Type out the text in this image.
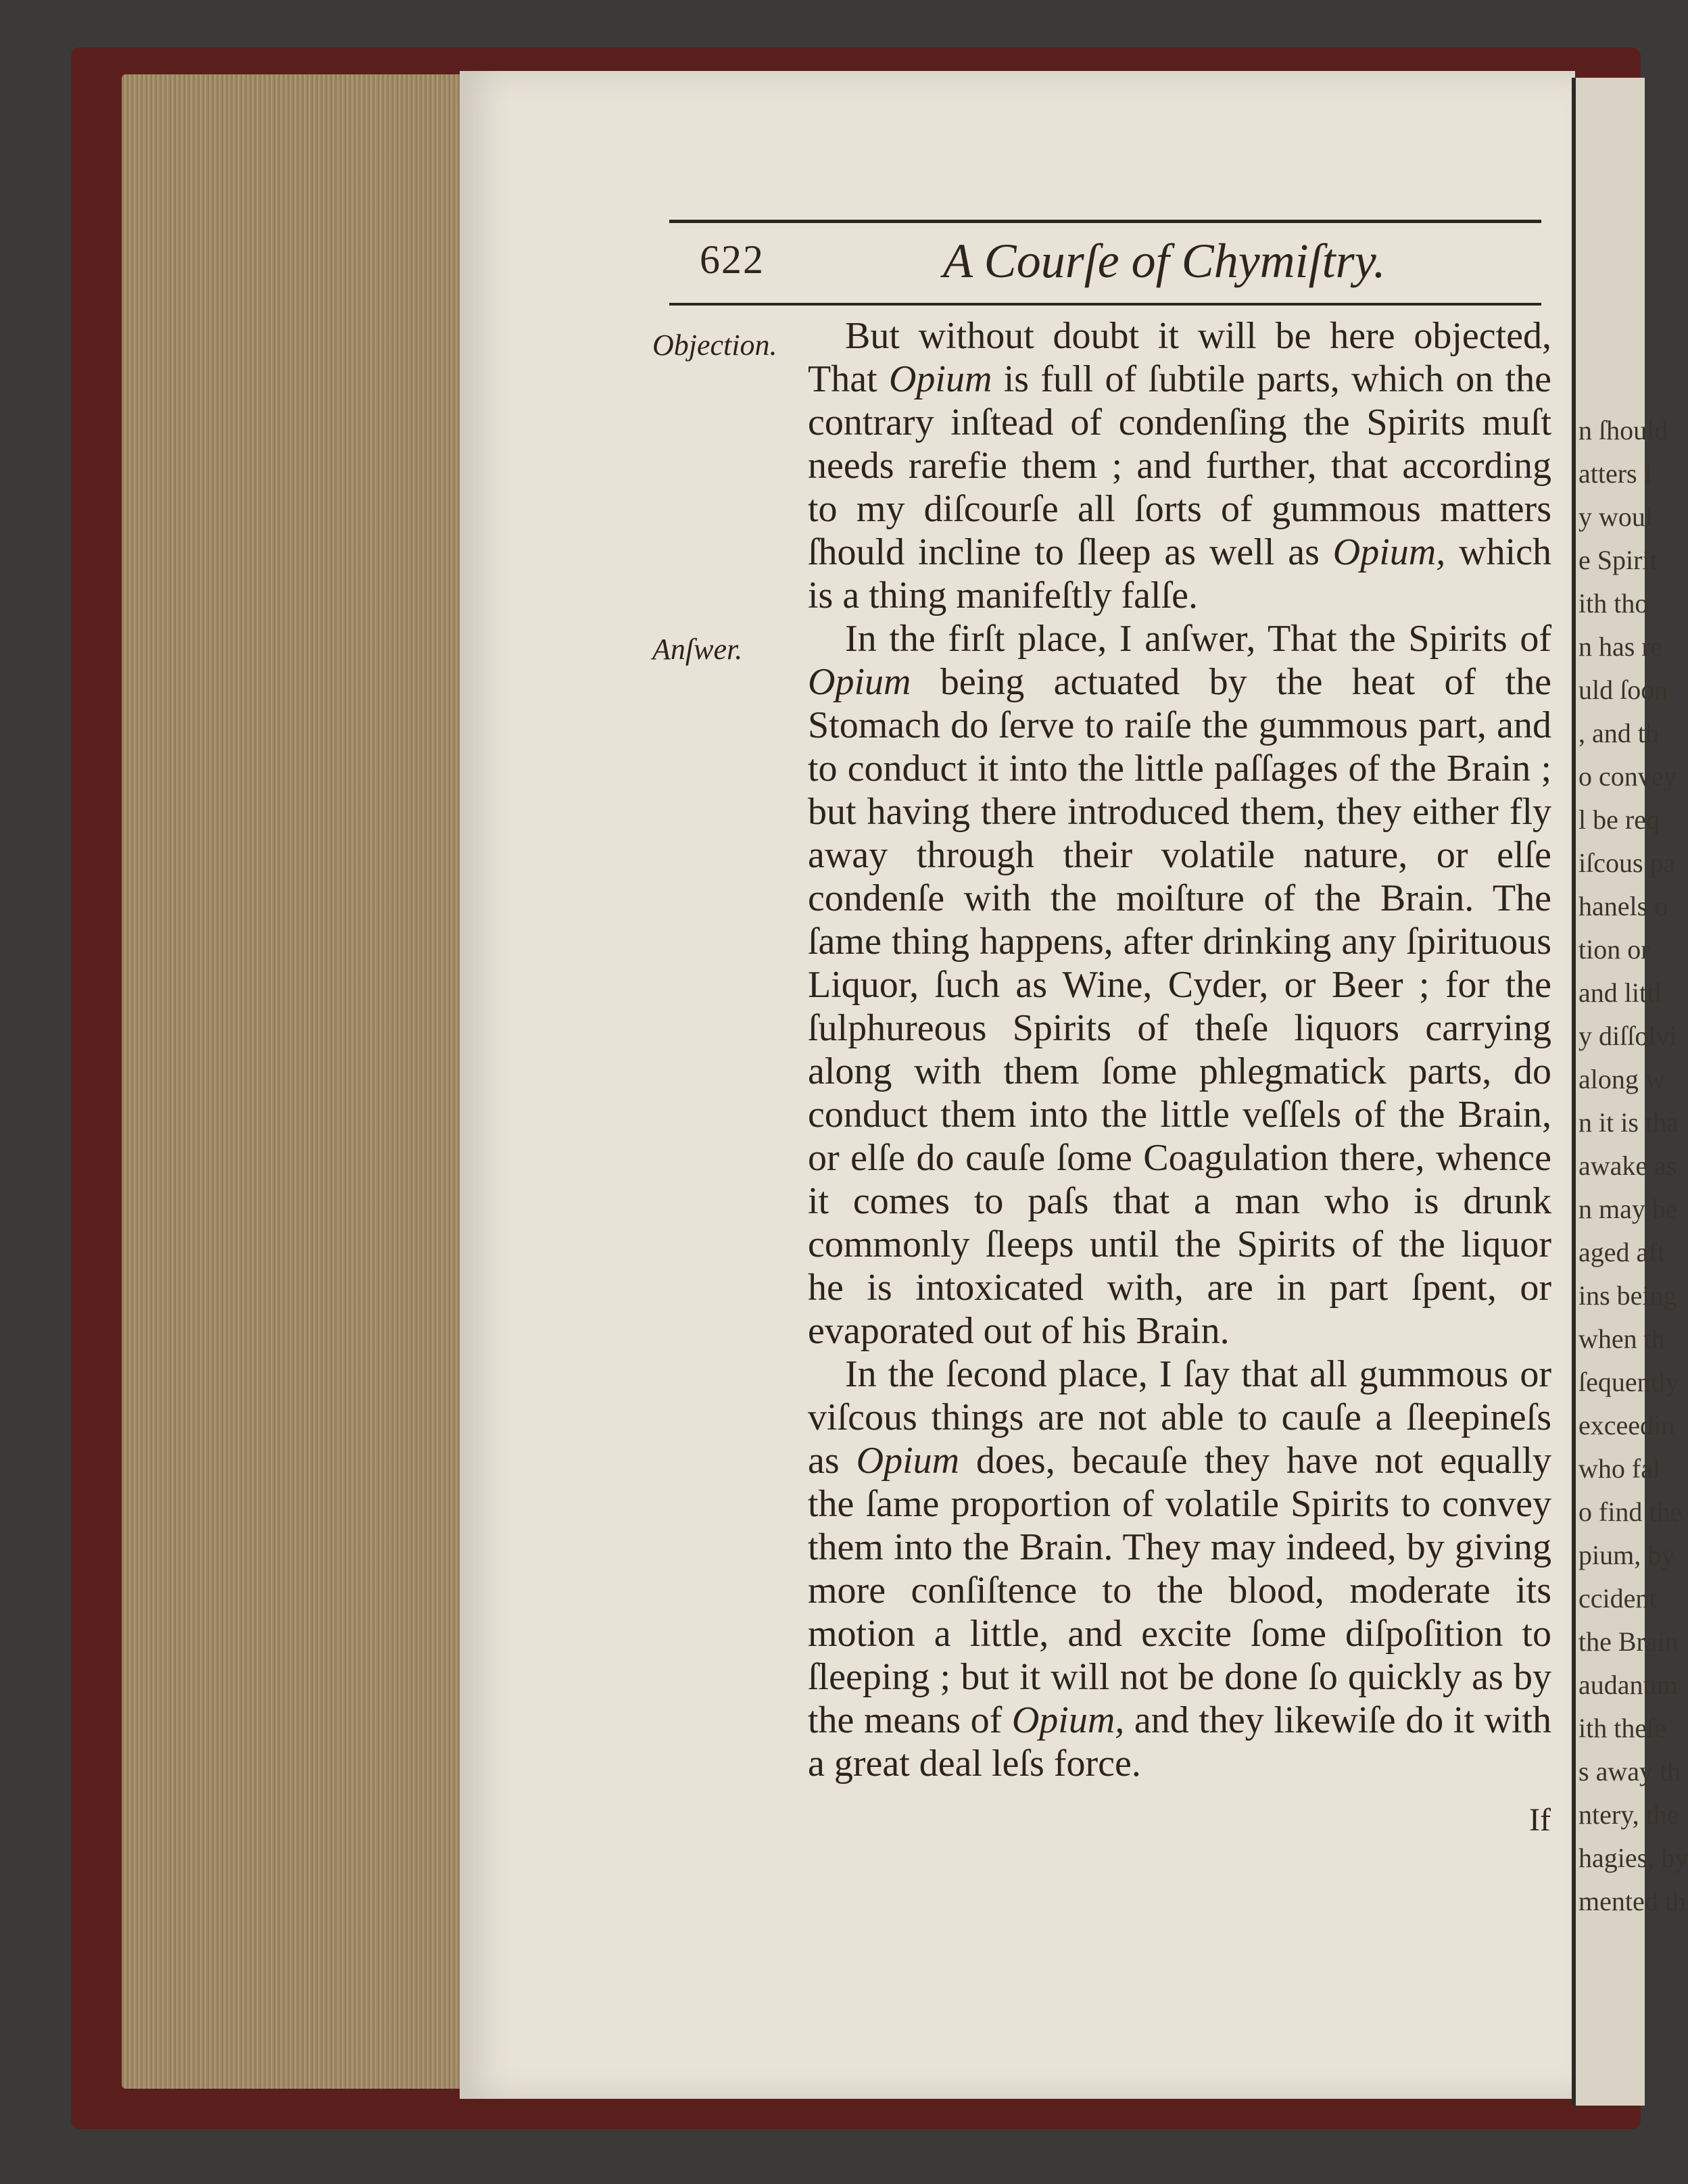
n ſhould
atters I
y woul
e Spirit
ith tho
n has re
uld ſoon
, and th
o convey
l be req
iſcous pa
hanels o
tion or
and littl
y diſſolvi
along w
n it is tha
awake as
n may be
aged aft
ins being
when th
ſequently
exceedin
who fal
o find the
pium, by
ccident
the Brain
audanum
ith theſe
s away th
ntery, the
hagies, by
mented th
622	A Courſe of Chymiſtry.
Objection.
Anſwer.

But without doubt it will be here objected, That Opium is full of ſubtile parts, which on the contrary inſtead of condenſing the Spirits muſt needs rarefie them ; and further, that according to my diſcourſe all ſorts of gummous matters ſhould incline to ſleep as well as Opium, which is a thing manifeſtly falſe.

In the firſt place, I anſwer, That the Spirits of Opium being actuated by the heat of the Stomach do ſerve to raiſe the gummous part, and to conduct it into the little paſſages of the Brain ; but having there introduced them, they either fly away through their volatile nature, or elſe condenſe with the moiſture of the Brain. The ſame thing happens, after drinking any ſpirituous Liquor, ſuch as Wine, Cyder, or Beer ; for the ſulphureous Spirits of theſe liquors carrying along with them ſome phlegmatick parts, do conduct them into the little veſſels of the Brain, or elſe do cauſe ſome Coagulation there, whence it comes to paſs that a man who is drunk commonly ſleeps until the Spirits of the liquor he is intoxicated with, are in part ſpent, or evaporated out of his Brain.

In the ſecond place, I ſay that all gummous or viſcous things are not able to cauſe a ſleepineſs as Opium does, becauſe they have not equally the ſame proportion of volatile Spirits to convey them into the Brain. They may indeed, by giving more conſiſtence to the blood, moderate its motion a little, and excite ſome diſpoſition to ſleeping ; but it will not be done ſo quickly as by the means of Opium, and they likewiſe do it with a great deal leſs force.

If
